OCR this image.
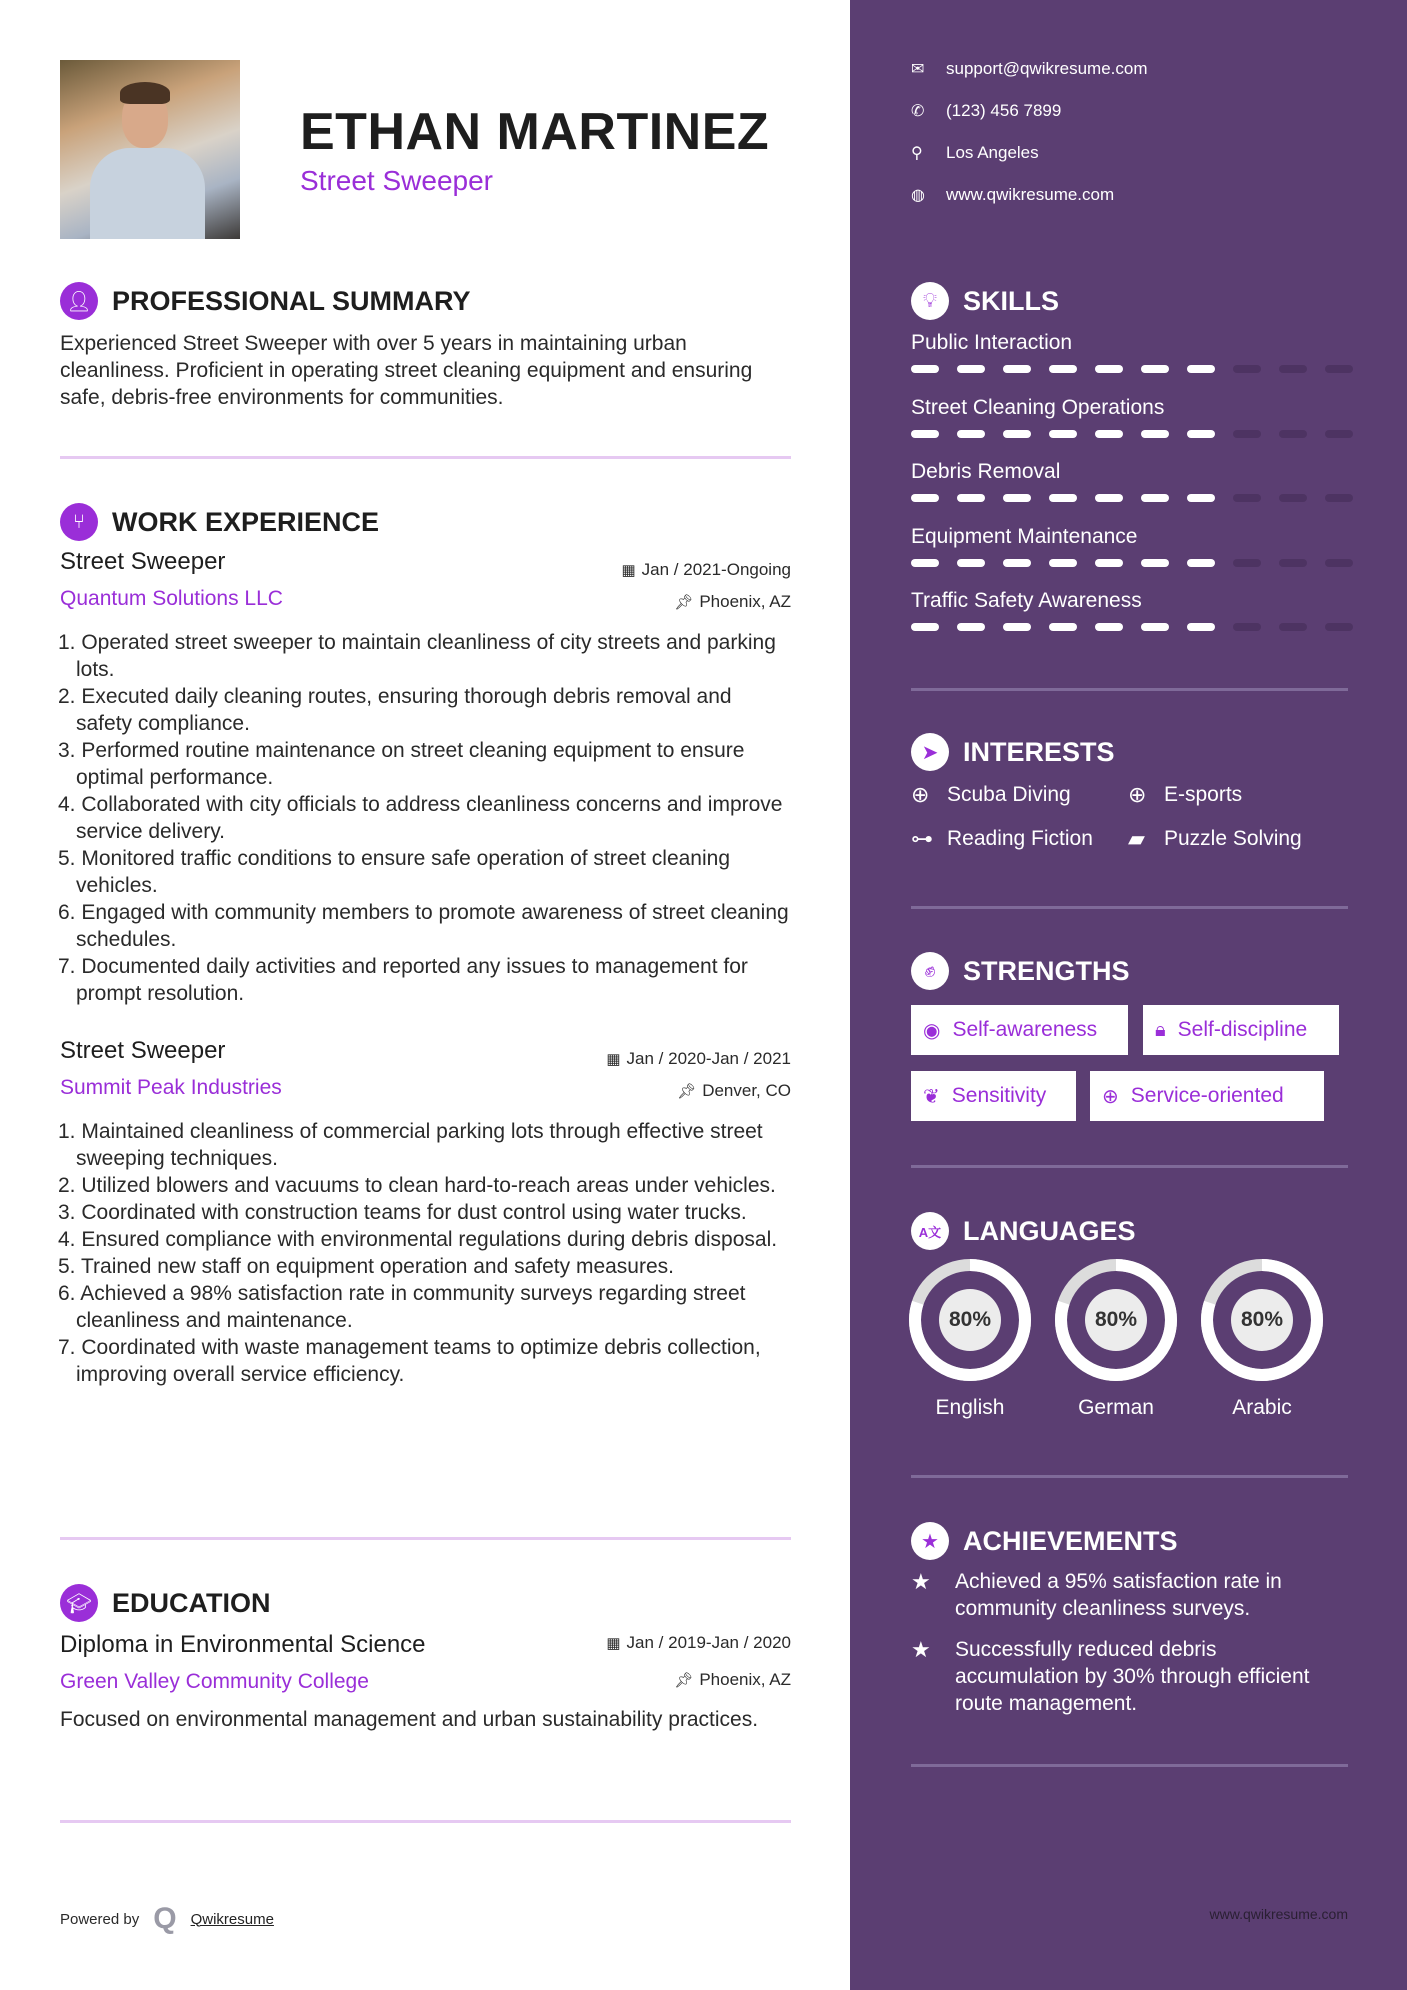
ETHAN MARTINEZ
Street Sweeper
👤︎ PROFESSIONAL SUMMARY
Experienced Street Sweeper with over 5 years in maintaining urban cleanliness. Proficient in operating street cleaning equipment and ensuring safe, debris-free environments for communities.
⑂	WORK EXPERIENCE
Street Sweeper	▦ Jan / 2021-Ongoing
Quantum Solutions LLC	📌︎ Phoenix, AZ
1. Operated street sweeper to maintain cleanliness of city streets and parking lots.
2. Executed daily cleaning routes, ensuring thorough debris removal and safety compliance.
3. Performed routine maintenance on street cleaning equipment to ensure optimal performance.
4. Collaborated with city officials to address cleanliness concerns and improve service delivery.
5. Monitored traffic conditions to ensure safe operation of street cleaning vehicles.
6. Engaged with community members to promote awareness of street cleaning schedules.
7. Documented daily activities and reported any issues to management for prompt resolution.
Street Sweeper	▦ Jan / 2020-Jan / 2021
Summit Peak Industries	📌︎ Denver, CO
1. Maintained cleanliness of commercial parking lots through effective street sweeping techniques.
2. Utilized blowers and vacuums to clean hard-to-reach areas under vehicles.
3. Coordinated with construction teams for dust control using water trucks.
4. Ensured compliance with environmental regulations during debris disposal.
5. Trained new staff on equipment operation and safety measures.
6. Achieved a 98% satisfaction rate in community surveys regarding street cleanliness and maintenance.
7. Coordinated with waste management teams to optimize debris collection, improving overall service efficiency.
🎓︎ EDUCATION
Diploma in Environmental Science	▦ Jan / 2019-Jan / 2020
Green Valley Community College	📌︎ Phoenix, AZ
Focused on environmental management and urban sustainability practices.
Powered by Q Qwikresume
✉	support@qwikresume.com
✆	(123) 456 7899
⚲	Los Angeles
◍	www.qwikresume.com
💡︎ SKILLS
Public Interaction
Street Cleaning Operations
Debris Removal
Equipment Maintenance
Traffic Safety Awareness
➤ INTERESTS
⊕ Scuba Diving	⊕ E-sports
⊶ Reading Fiction ▰ Puzzle Solving
✊︎	STRENGTHS
◉ Self-awareness	🔒︎ Self-discipline
❦ Sensitivity	⊕ Service-oriented
A文 LANGUAGES
80%
English
80%
German
80%
Arabic
★ ACHIEVEMENTS
★	Achieved a 95% satisfaction rate in community cleanliness surveys.
★	Successfully reduced debris accumulation by 30% through efficient route management.
www.qwikresume.com
